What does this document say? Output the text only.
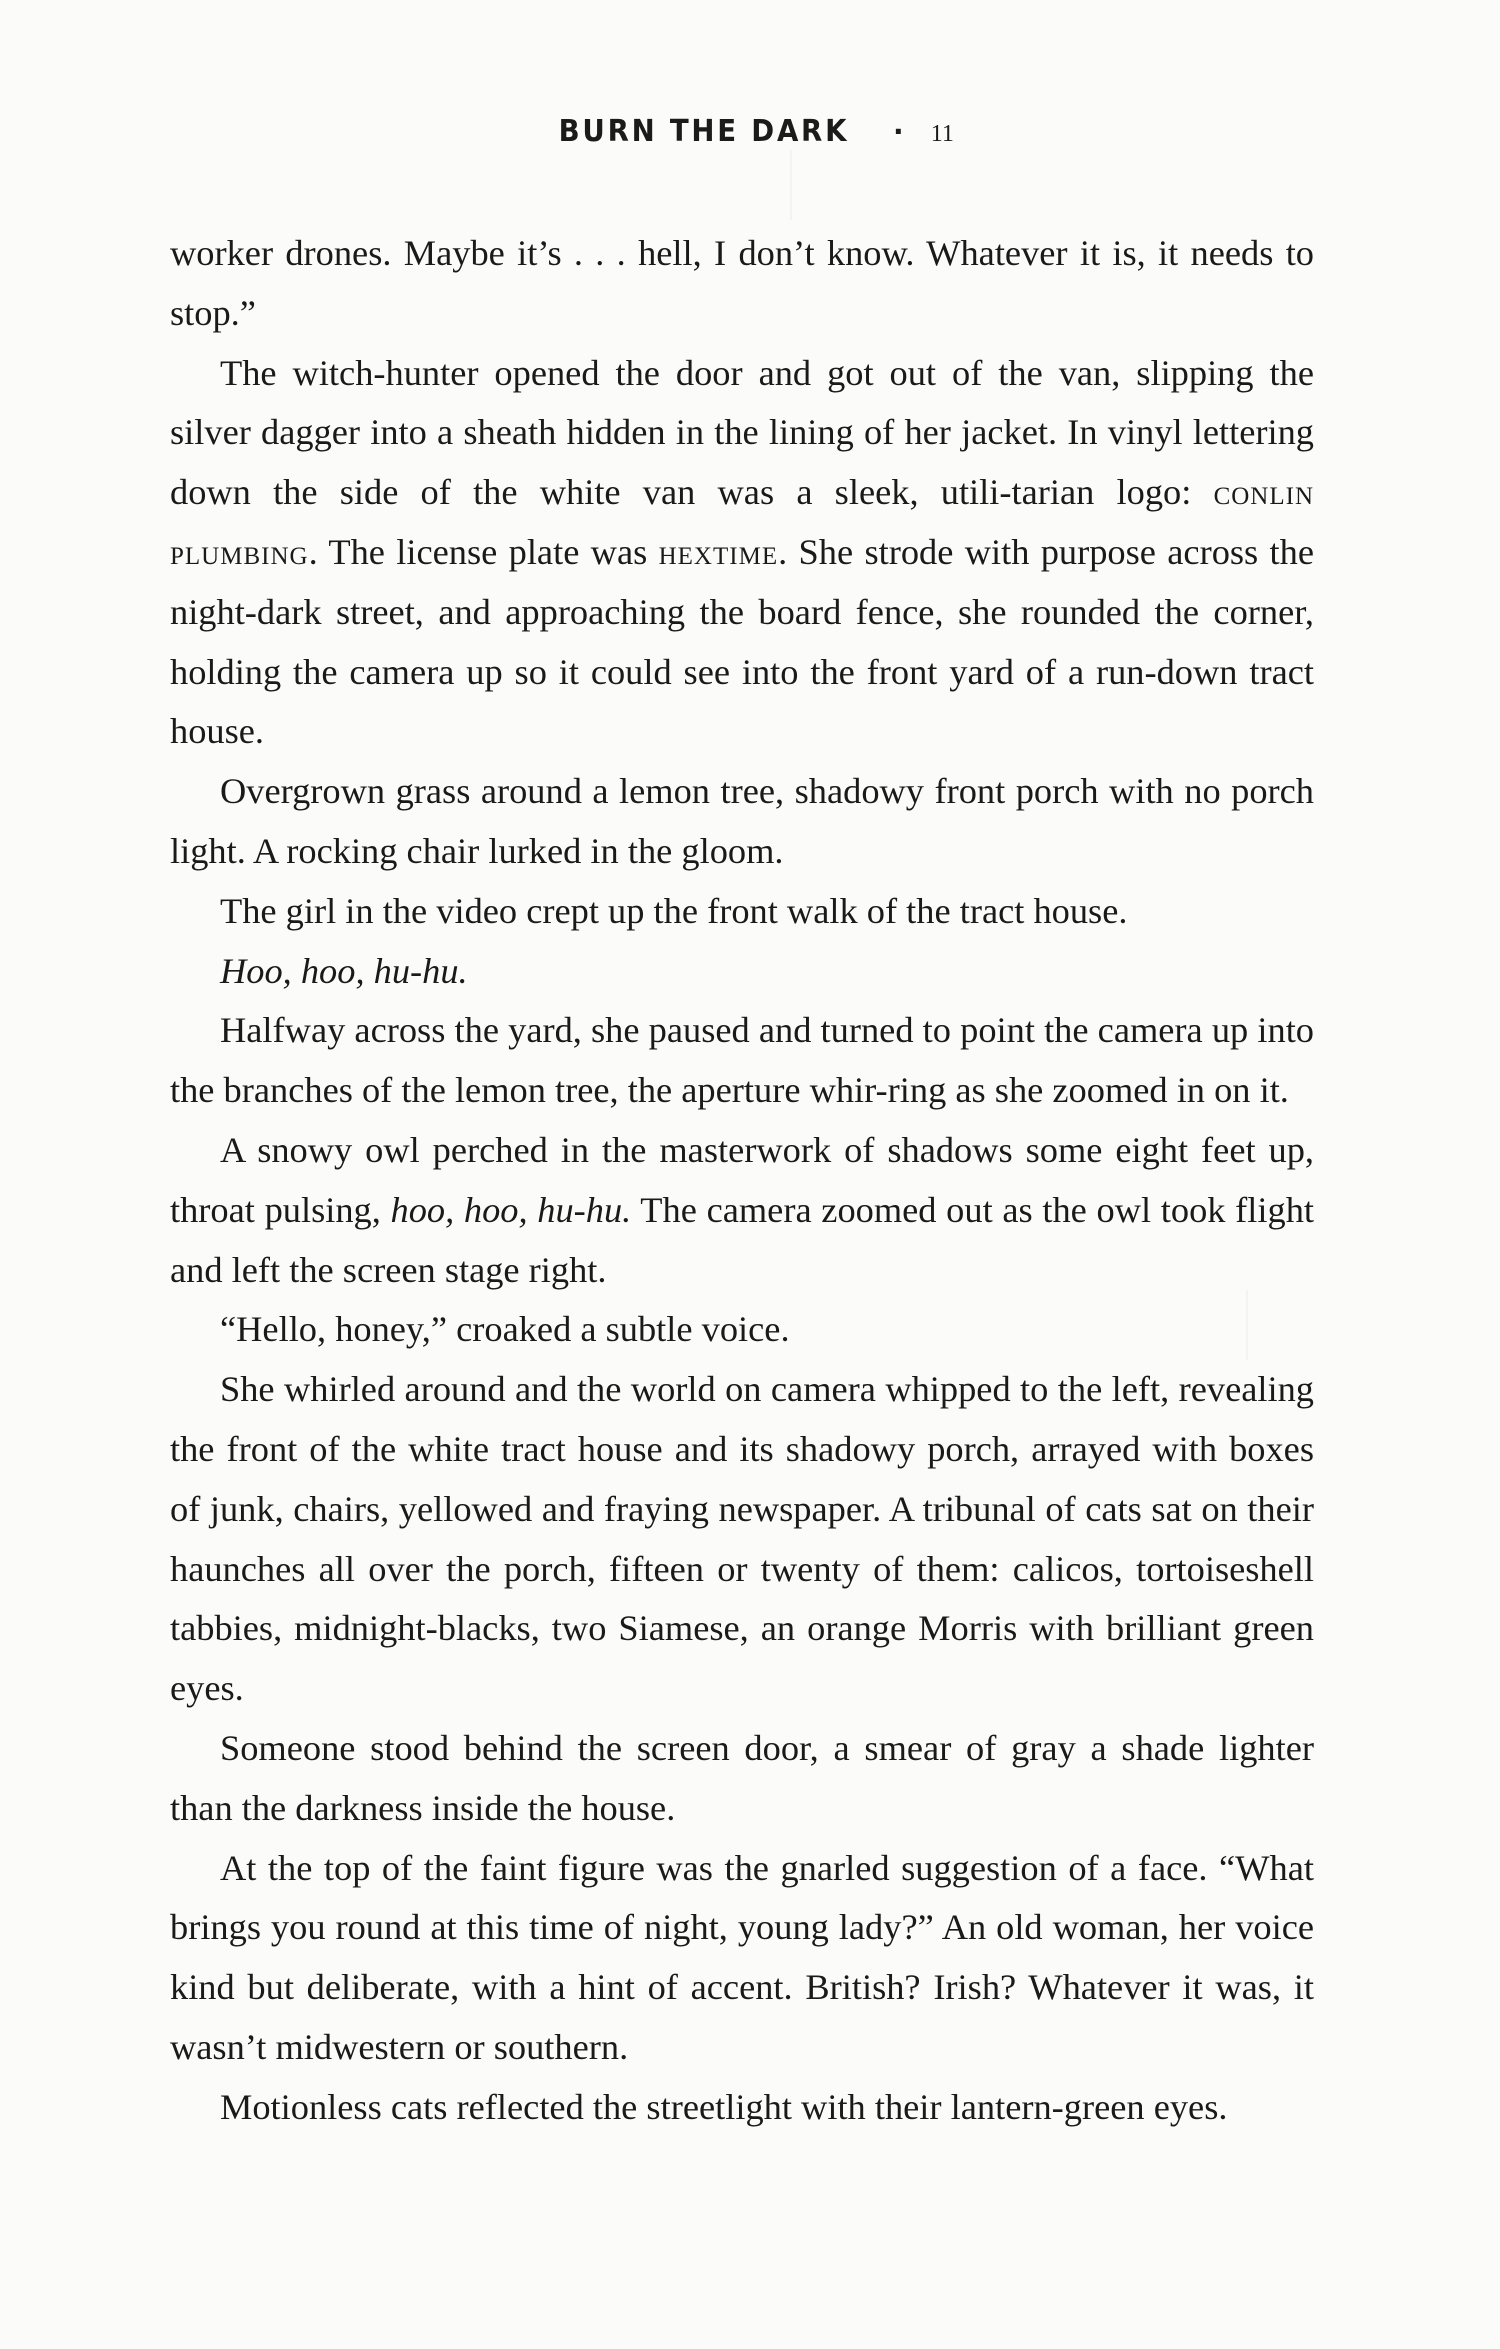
BURN THE DARK · 11

worker drones. Maybe it’s . . . hell, I don’t know. Whatever it is, it needs to stop.”

The witch-hunter opened the door and got out of the van, slipping the silver dagger into a sheath hidden in the lining of her jacket. In vinyl lettering down the side of the white van was a sleek, utili-tarian logo: conlin plumbing. The license plate was hextime. She strode with purpose across the night-dark street, and approaching the board fence, she rounded the corner, holding the camera up so it could see into the front yard of a run-down tract house.

Overgrown grass around a lemon tree, shadowy front porch with no porch light. A rocking chair lurked in the gloom.

The girl in the video crept up the front walk of the tract house.

Hoo, hoo, hu-hu.

Halfway across the yard, she paused and turned to point the camera up into the branches of the lemon tree, the aperture whir-ring as she zoomed in on it.

A snowy owl perched in the masterwork of shadows some eight feet up, throat pulsing, hoo, hoo, hu-hu. The camera zoomed out as the owl took flight and left the screen stage right.

“Hello, honey,” croaked a subtle voice.

She whirled around and the world on camera whipped to the left, revealing the front of the white tract house and its shadowy porch, arrayed with boxes of junk, chairs, yellowed and fraying newspaper. A tribunal of cats sat on their haunches all over the porch, fifteen or twenty of them: calicos, tortoiseshell tabbies, midnight-blacks, two Siamese, an orange Morris with brilliant green eyes.

Someone stood behind the screen door, a smear of gray a shade lighter than the darkness inside the house.

At the top of the faint figure was the gnarled suggestion of a face. “What brings you round at this time of night, young lady?” An old woman, her voice kind but deliberate, with a hint of accent. British? Irish? Whatever it was, it wasn’t midwestern or southern.

Motionless cats reflected the streetlight with their lantern-green eyes.
